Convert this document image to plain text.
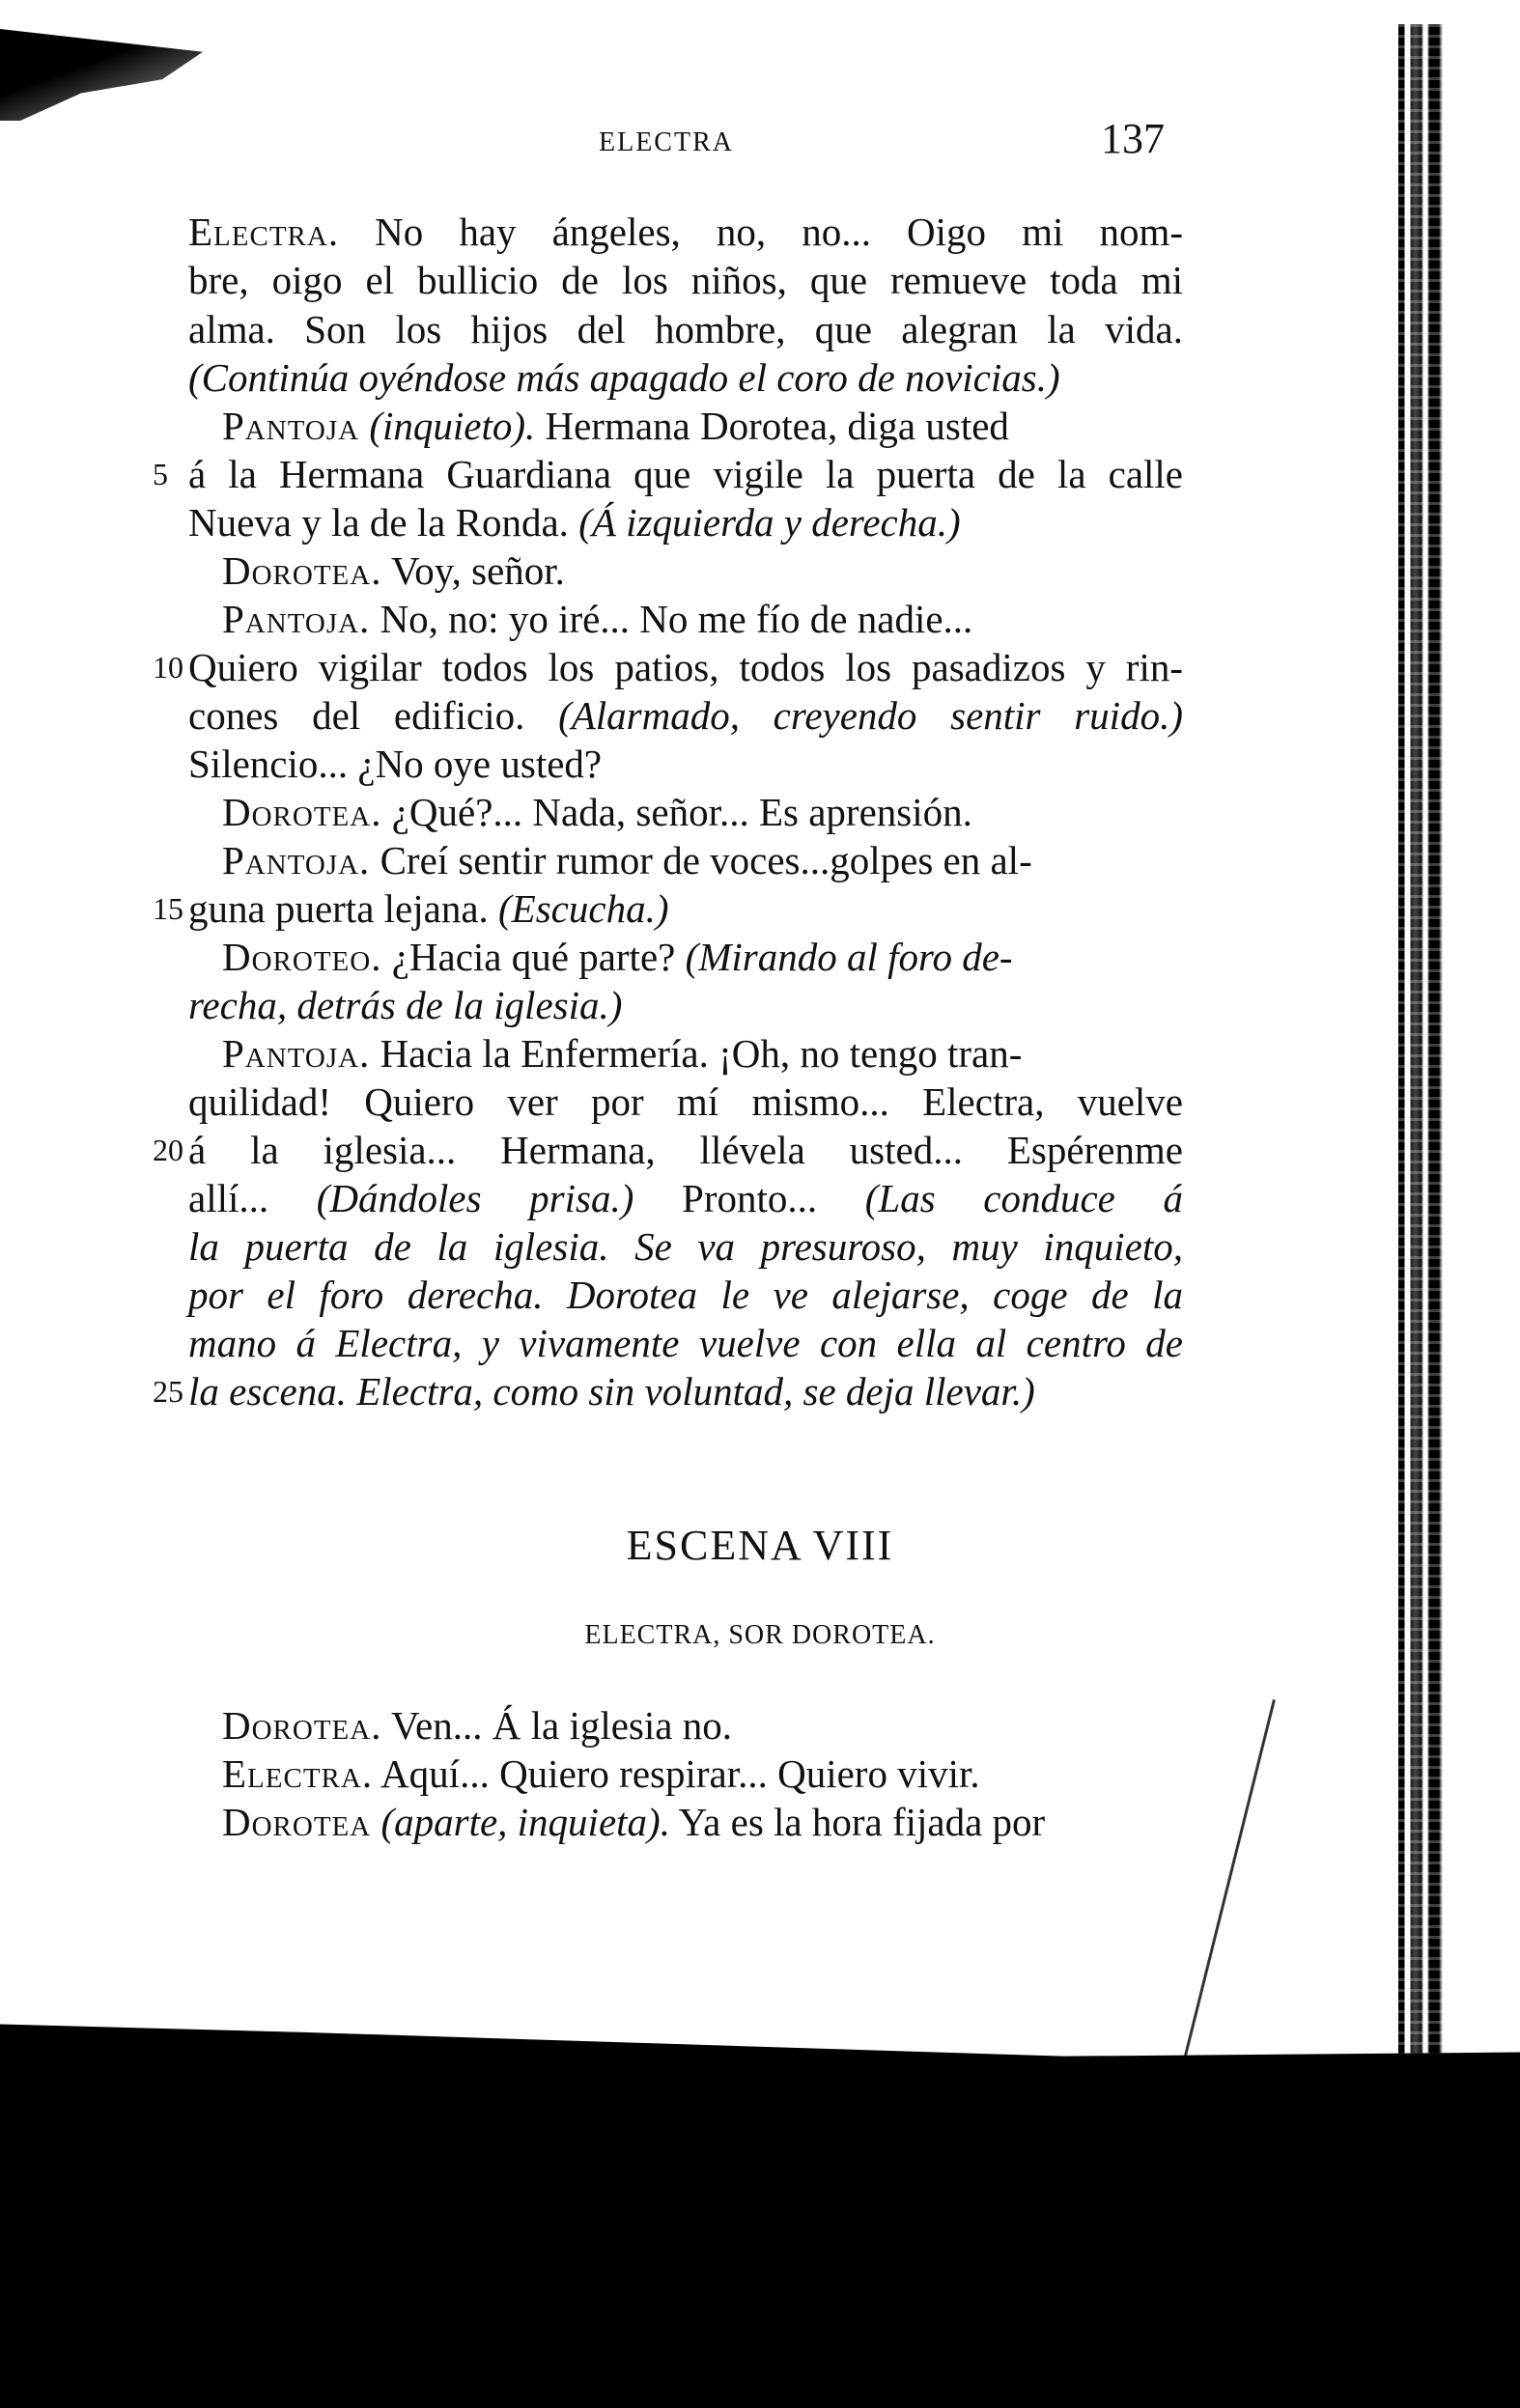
ELECTRA	137
Electra. No hay ángeles, no, no... Oigo mi nom-
bre, oigo el bullicio de los niños, que remueve toda mi
alma. Son los hijos del hombre, que alegran la vida.
(Continúa oyéndose más apagado el coro de novicias.)
Pantoja (inquieto). Hermana Dorotea, diga usted
5 á la Hermana Guardiana que vigile la puerta de la calle
Nueva y la de la Ronda. (Á izquierda y derecha.)
Dorotea. Voy, señor.
Pantoja. No, no: yo iré... No me fío de nadie...
10 Quiero vigilar todos los patios, todos los pasadizos y rin-
cones del edificio. (Alarmado, creyendo sentir ruido.)
Silencio... ¿No oye usted?
Dorotea. ¿Qué?... Nada, señor... Es aprensión.
Pantoja. Creí sentir rumor de voces...golpes en al-
15 guna puerta lejana. (Escucha.)
Doroteo. ¿Hacia qué parte? (Mirando al foro de-
recha, detrás de la iglesia.)
Pantoja. Hacia la Enfermería. ¡Oh, no tengo tran-
quilidad! Quiero ver por mí mismo... Electra, vuelve
20 á la iglesia... Hermana, llévela usted... Espérenme
allí... (Dándoles prisa.) Pronto... (Las conduce á
la puerta de la iglesia. Se va presuroso, muy inquieto,
por el foro derecha. Dorotea le ve alejarse, coge de la
mano á Electra, y vivamente vuelve con ella al centro de
25 la escena. Electra, como sin voluntad, se deja llevar.)
ESCENA VIII
ELECTRA, SOR DOROTEA.
Dorotea. Ven... Á la iglesia no.
Electra. Aquí... Quiero respirar... Quiero vivir.
Dorotea (aparte, inquieta). Ya es la hora fijada por
